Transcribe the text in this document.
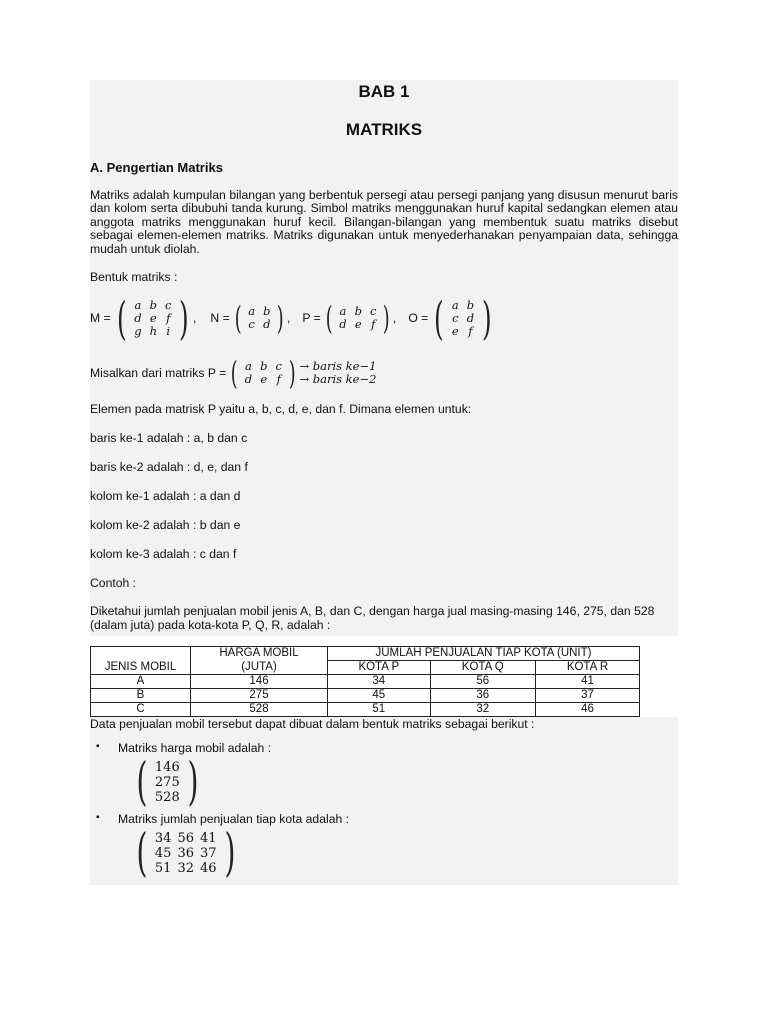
BAB 1
MATRIKS
A. Pengertian Matriks
Matriks adalah kumpulan bilangan yang berbentuk persegi atau persegi panjang yang disusun menurut baris dan kolom serta dibubuhi tanda kurung. Simbol matriks menggunakan huruf kapital sedangkan elemen atau anggota matriks menggunakan huruf kecil. Bilangan-bilangan yang membentuk suatu matriks disebut sebagai elemen-elemen matriks. Matriks digunakan untuk menyederhanakan penyampaian data, sehingga mudah untuk diolah.
Bentuk matriks :
M = ( a	b	c
d	e	f
g	h	i ) , N = ( a	b
c	d ) , P = ( a	b	c
d	e	f ) , O = ( a	b
c	d
e	f )
Misalkan dari matriks P = ( a	b	c
d	e	f ) → baris ke−1
→ baris ke−2
Elemen pada matrisk P yaitu a, b, c, d, e, dan f. Dimana elemen untuk:
baris ke-1 adalah : a, b dan c
baris ke-2 adalah : d, e, dan f
kolom ke-1 adalah : a dan d
kolom ke-2 adalah : b dan e
kolom ke-3 adalah : c dan f
Contoh :
Diketahui jumlah penjualan mobil jenis A, B, dan C, dengan harga jual masing-masing 146, 275, dan 528 (dalam juta) pada kota-kota P, Q, R, adalah :
JENIS MOBIL	HARGA MOBIL	JUMLAH PENJUALAN TIAP KOTA (UNIT)		
	(JUTA)	KOTA P	KOTA Q	KOTA R
A	146	34	56	41
B	275	45	36	37
C	528	51	32	46
Data penjualan mobil tersebut dapat dibuat dalam bentuk matriks sebagai berikut :
▪ Matriks harga mobil adalah :
( 146
275
528 )
▪ Matriks jumlah penjualan tiap kota adalah :
( 34	56	41
45	36	37
51	32	46 )
